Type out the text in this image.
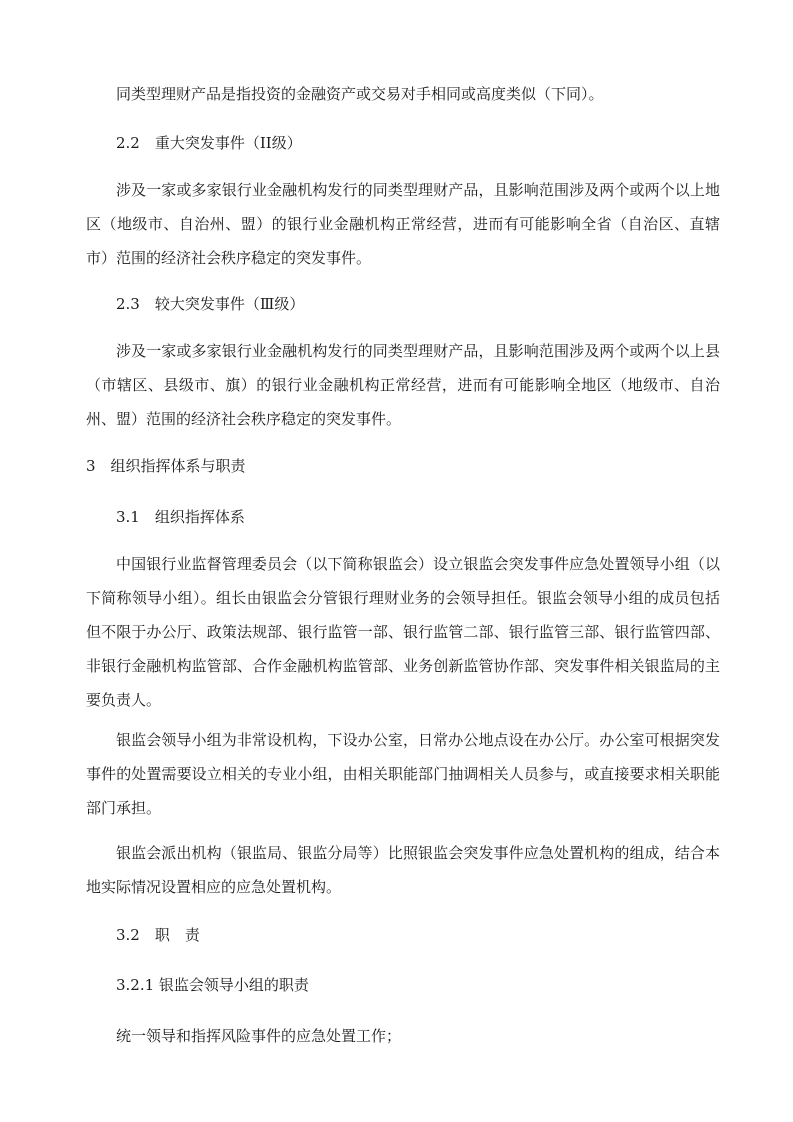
同类型理财产品是指投资的金融资产或交易对手相同或高度类似（下同）。
2.2　重大突发事件（II级）
涉及一家或多家银行业金融机构发行的同类型理财产品，且影响范围涉及两个或两个以上地区（地级市、自治州、盟）的银行业金融机构正常经营，进而有可能影响全省（自治区、直辖市）范围的经济社会秩序稳定的突发事件。
2.3　较大突发事件（Ⅲ级）
涉及一家或多家银行业金融机构发行的同类型理财产品，且影响范围涉及两个或两个以上县（市辖区、县级市、旗）的银行业金融机构正常经营，进而有可能影响全地区（地级市、自治州、盟）范围的经济社会秩序稳定的突发事件。
3　组织指挥体系与职责
3.1　组织指挥体系
中国银行业监督管理委员会（以下简称银监会）设立银监会突发事件应急处置领导小组（以下简称领导小组）。组长由银监会分管银行理财业务的会领导担任。银监会领导小组的成员包括但不限于办公厅、政策法规部、银行监管一部、银行监管二部、银行监管三部、银行监管四部、非银行金融机构监管部、合作金融机构监管部、业务创新监管协作部、突发事件相关银监局的主要负责人。
银监会领导小组为非常设机构，下设办公室，日常办公地点设在办公厅。办公室可根据突发事件的处置需要设立相关的专业小组，由相关职能部门抽调相关人员参与，或直接要求相关职能部门承担。
银监会派出机构（银监局、银监分局等）比照银监会突发事件应急处置机构的组成，结合本地实际情况设置相应的应急处置机构。
3.2　职　责
3.2.1 银监会领导小组的职责
统一领导和指挥风险事件的应急处置工作；
